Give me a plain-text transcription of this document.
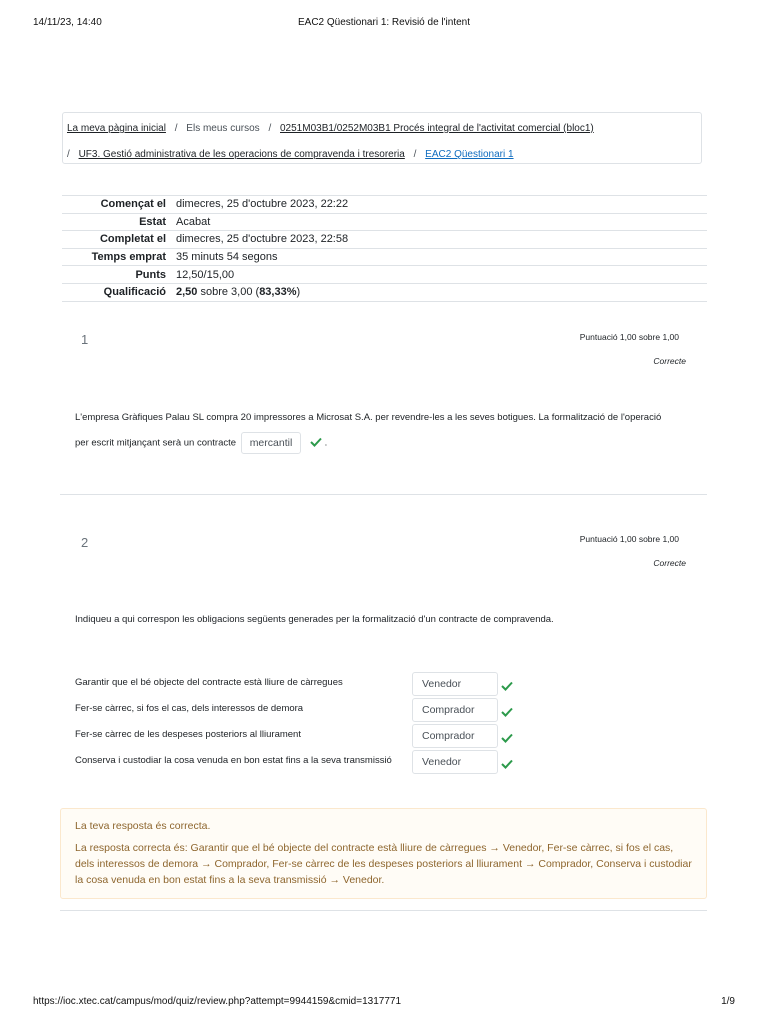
14/11/23, 14:40	EAC2 Qüestionari 1: Revisió de l'intent
La meva pàgina inicial / Els meus cursos / 0251M03B1/0252M03B1 Procés integral de l'activitat comercial (bloc1)
/ UF3. Gestió administrativa de les operacions de compravenda i tresoreria / EAC2 Qüestionari 1
Començat el	dimecres, 25 d'octubre 2023, 22:22
Estat	Acabat
Completat el	dimecres, 25 d'octubre 2023, 22:58
Temps emprat	35 minuts 54 segons
Punts	12,50/15,00
Qualificació	2,50 sobre 3,00 (83,33%)
1	Puntuació 1,00 sobre 1,00
Correcte
L'empresa Gràfiques Palau SL compra 20 impressores a Microsat S.A. per revendre-les a les seves botigues. La formalització de l'operació
per escrit mitjançant serà un contracte mercantil	.
2	Puntuació 1,00 sobre 1,00
Correcte
Indiqueu a qui correspon les obligacions següents generades per la formalització d'un contracte de compravenda.
Garantir que el bé objecte del contracte està lliure de càrregues	Venedor
Fer-se càrrec, si fos el cas, dels interessos de demora	Comprador
Fer-se càrrec de les despeses posteriors al lliurament	Comprador
Conserva i custodiar la cosa venuda en bon estat fins a la seva transmissió	Venedor
La teva resposta és correcta.
La resposta correcta és: Garantir que el bé objecte del contracte està lliure de càrregues → Venedor, Fer-se càrrec, si fos el cas, dels interessos de demora → Comprador, Fer-se càrrec de les despeses posteriors al lliurament → Comprador, Conserva i custodiar la cosa venuda en bon estat fins a la seva transmissió → Venedor.
https://ioc.xtec.cat/campus/mod/quiz/review.php?attempt=9944159&cmid=1317771	1/9
